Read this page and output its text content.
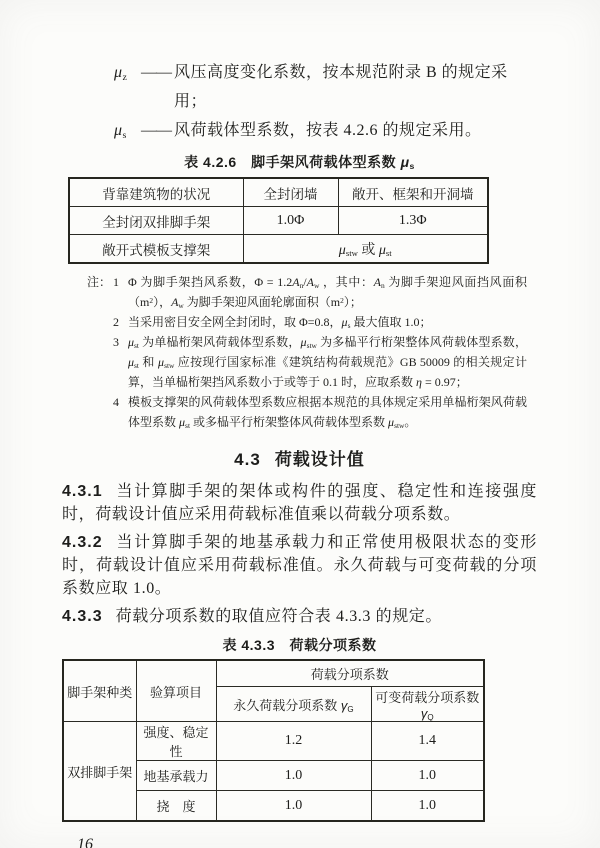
$\mu_z$ —— 风压高度变化系数，按本规范附录 B 的规定采用；
$\mu_s$ —— 风荷载体型系数，按表 4.2.6 的规定采用。
表 4.2.6　脚手架风荷载体型系数 $\mu_s$
背靠建筑物的状况	全封闭墙	敞开、框架和开洞墙
全封闭双排脚手架	1.0Φ	1.3Φ
敞开式模板支撑架	$\mu_{stw}$ 或 $\mu_{st}$
注： 1 Φ 为脚手架挡风系数，$\Phi = 1.2A_n/A_w$ ，其中：$A_n$ 为脚手架迎风面挡风面积$(m^2)$，$A_w$ 为脚手架迎风面轮廓面积$(m^2)$；
2 当采用密目安全网全封闭时，取 Φ=0.8，$\mu_s$ 最大值取 1.0；
3 $\mu_{st}$ 为单榀桁架风荷载体型系数，$\mu_{stw}$ 为多榀平行桁架整体风荷载体型系数，$\mu_{st}$ 和 $\mu_{stw}$ 应按现行国家标准《建筑结构荷载规范》GB 50009 的相关规定计算，当单榀桁架挡风系数小于或等于 0.1 时，应取系数 η = 0.97；
4 模板支撑架的风荷载体型系数应根据本规范的具体规定采用单榀桁架风荷载体型系数 $\mu_{st}$ 或多榀平行桁架整体风荷载体型系数 $\mu_{stw}$。
4.3 荷载设计值

4.3.1 当计算脚手架的架体或构件的强度、稳定性和连接强度时，荷载设计值应采用荷载标准值乘以荷载分项系数。

4.3.2 当计算脚手架的地基承载力和正常使用极限状态的变形时，荷载设计值应采用荷载标准值。永久荷载与可变荷载的分项系数应取 1.0。

4.3.3 荷载分项系数的取值应符合表 4.3.3 的规定。

表 4.3.3　荷载分项系数
脚手架种类	验算项目	荷载分项系数	
		永久荷载分项系数 $\gamma_G$	可变荷载分项系数 $\gamma_Q$
双排脚手架	强度、稳定性	1.2	1.4
	地基承载力	1.0	1.0
	挠　度	1.0	1.0
16
